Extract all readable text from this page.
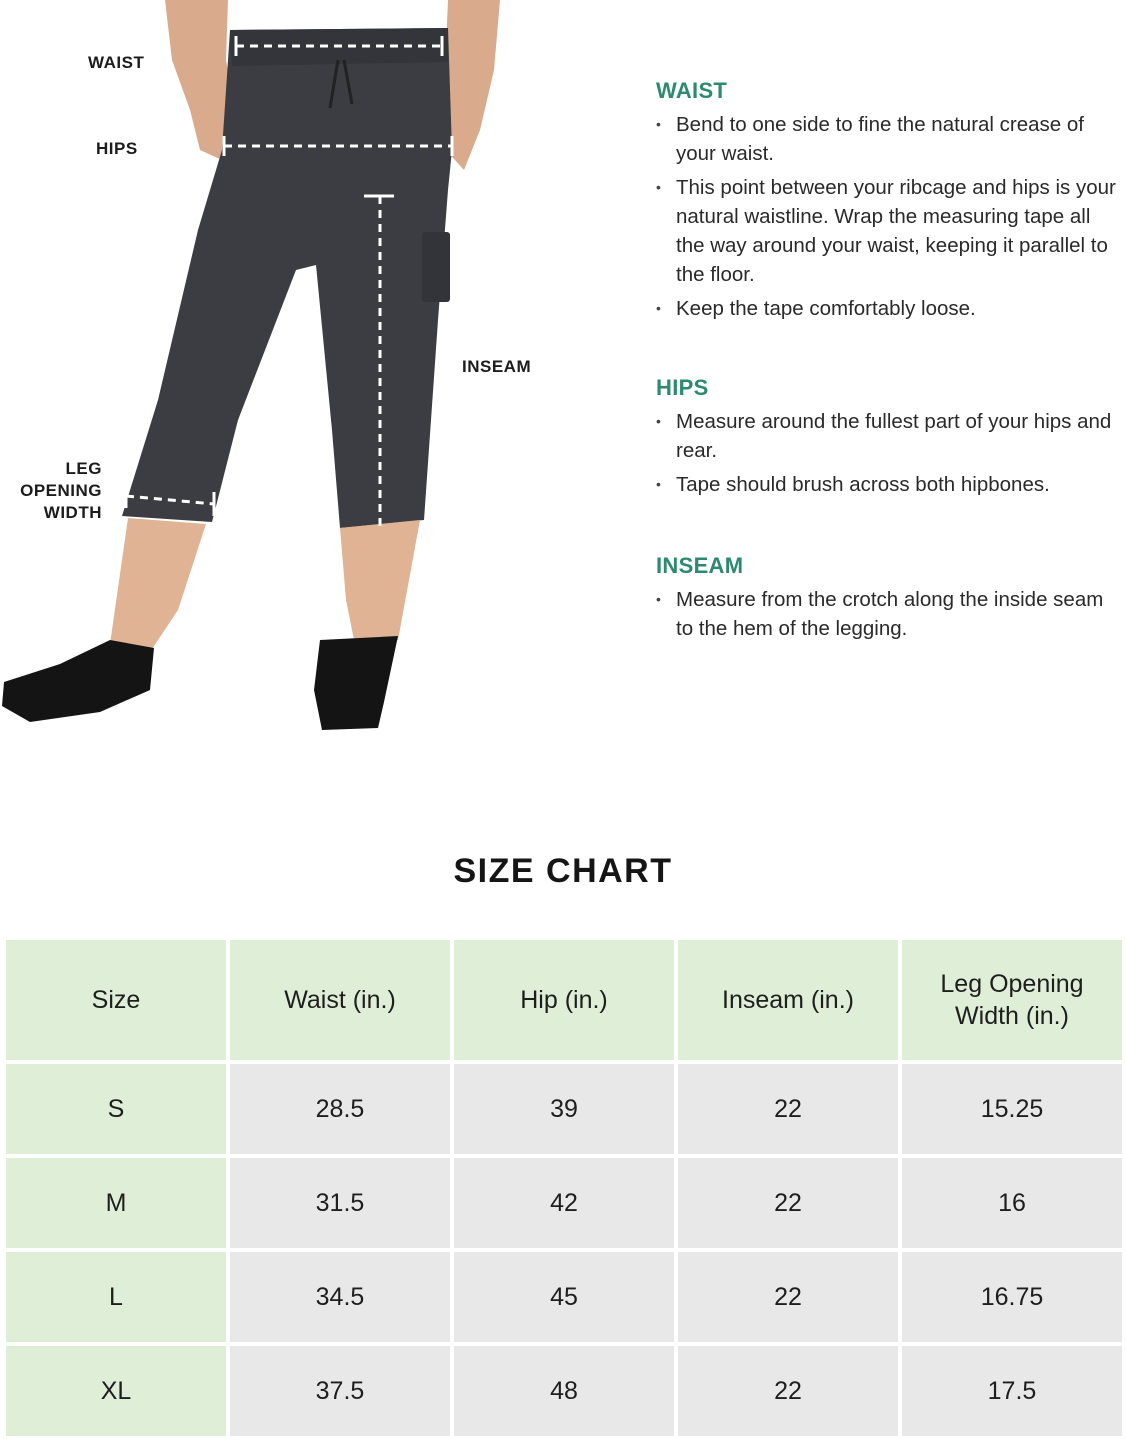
WAIST
HIPS
INSEAM
LEG
OPENING
WIDTH
WAIST
• Bend to one side to fine the natural crease of your waist.
• This point between your ribcage and hips is your natural waistline. Wrap the measuring tape all the way around your waist, keeping it parallel to the floor.
• Keep the tape comfortably loose.
HIPS
• Measure around the fullest part of your hips and rear.
• Tape should brush across both hipbones.
INSEAM
• Measure from the crotch along the inside seam to the hem of the legging.
SIZE CHART
Size	Waist (in.)	Hip (in.)	Inseam (in.)	Leg Opening Width (in.)
S	28.5	39	22	15.25
M	31.5	42	22	16
L	34.5	45	22	16.75
XL	37.5	48	22	17.5
